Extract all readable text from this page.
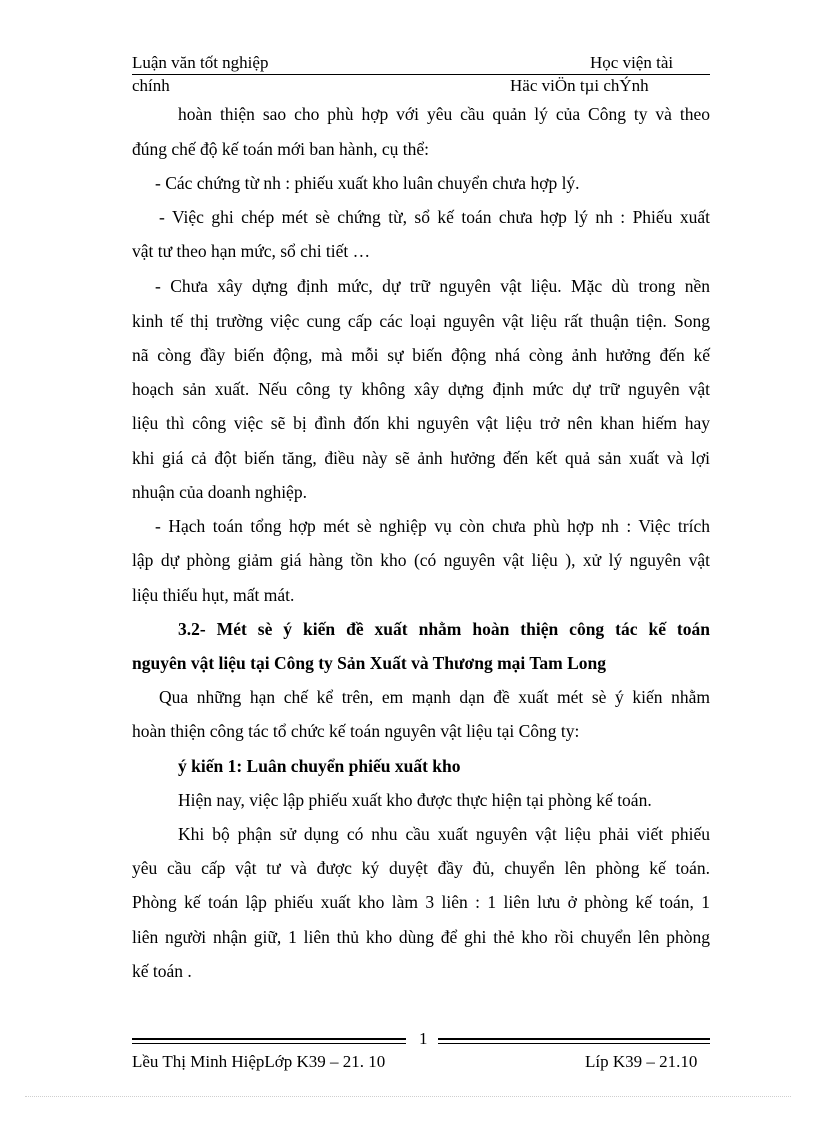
Luận văn tốt nghiệp	Học viện tài
chính	Häc viÖn tµi chÝnh
hoàn thiện sao cho phù hợp với yêu cầu quản lý của Công ty và theo
đúng chế độ kế toán mới ban hành, cụ thể:
- Các chứng từ nh : phiếu xuất kho luân chuyển chưa hợp lý.
- Việc ghi chép mét sè chứng từ, sổ kế toán chưa hợp lý nh : Phiếu xuất
vật tư theo hạn mức, sổ chi tiết …
- Chưa xây dựng định mức, dự trữ nguyên vật liệu. Mặc dù trong nền
kinh tế thị trường việc cung cấp các loại nguyên vật liệu rất thuận tiện. Song
nã còng đầy biến động, mà mỗi sự biến động nhá còng ảnh hưởng đến kế
hoạch sản xuất. Nếu công ty không xây dựng định mức dự trữ nguyên vật
liệu thì công việc sẽ bị đình đốn khi nguyên vật liệu trở nên khan hiếm hay
khi giá cả đột biến tăng, điều này sẽ ảnh hưởng đến kết quả sản xuất và lợi
nhuận của doanh nghiệp.
- Hạch toán tổng hợp mét sè nghiệp vụ còn chưa phù hợp nh : Việc trích
lập dự phòng giảm giá hàng tồn kho (có nguyên vật liệu ), xử lý nguyên vật
liệu thiếu hụt, mất mát.
3.2- Mét sè ý kiến đề xuất nhằm hoàn thiện công tác kế toán
nguyên vật liệu tại Công ty Sản Xuất và Thương mại Tam Long
Qua những hạn chế kể trên, em mạnh dạn đề xuất mét sè ý kiến nhằm
hoàn thiện công tác tổ chức kế toán nguyên vật liệu tại Công ty:
ý kiến 1: Luân chuyển phiếu xuất kho
Hiện nay, việc lập phiếu xuất kho được thực hiện tại phòng kế toán.
Khi bộ phận sử dụng có nhu cầu xuất nguyên vật liệu phải viết phiếu
yêu cầu cấp vật tư và được ký duyệt đầy đủ, chuyển lên phòng kế toán.
Phòng kế toán lập phiếu xuất kho làm 3 liên : 1 liên lưu ở phòng kế toán, 1
liên người nhận giữ, 1 liên thủ kho dùng để ghi thẻ kho rồi chuyển lên phòng
kế toán .
1
Lều Thị Minh HiệpLớp K39 – 21. 10	Líp K39 – 21.10
